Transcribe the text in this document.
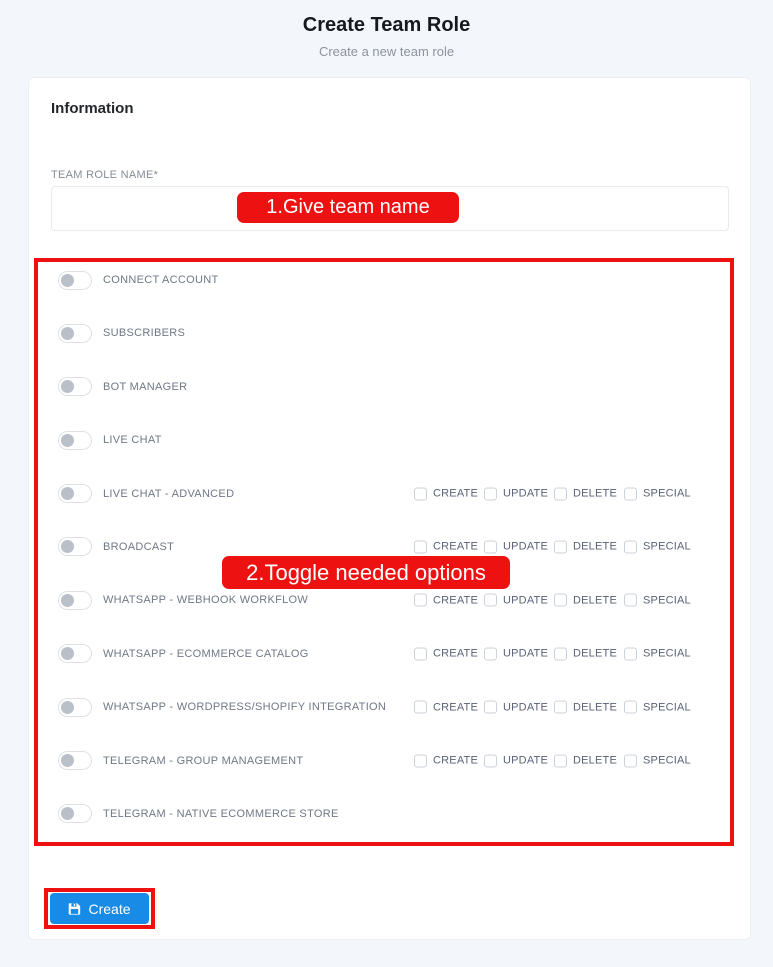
Create Team Role
Create a new team role
Information
TEAM ROLE NAME*
CONNECT ACCOUNT
SUBSCRIBERS
BOT MANAGER
LIVE CHAT
LIVE CHAT - ADVANCED	CREATE UPDATE DELETE SPECIAL
BROADCAST	CREATE UPDATE DELETE SPECIAL
WHATSAPP - WEBHOOK WORKFLOW	CREATE UPDATE DELETE SPECIAL
WHATSAPP - ECOMMERCE CATALOG	CREATE UPDATE DELETE SPECIAL
WHATSAPP - WORDPRESS/SHOPIFY INTEGRATION	CREATE UPDATE DELETE SPECIAL
TELEGRAM - GROUP MANAGEMENT	CREATE UPDATE DELETE SPECIAL
TELEGRAM - NATIVE ECOMMERCE STORE
Create
1.Give team name
2.Toggle needed options
